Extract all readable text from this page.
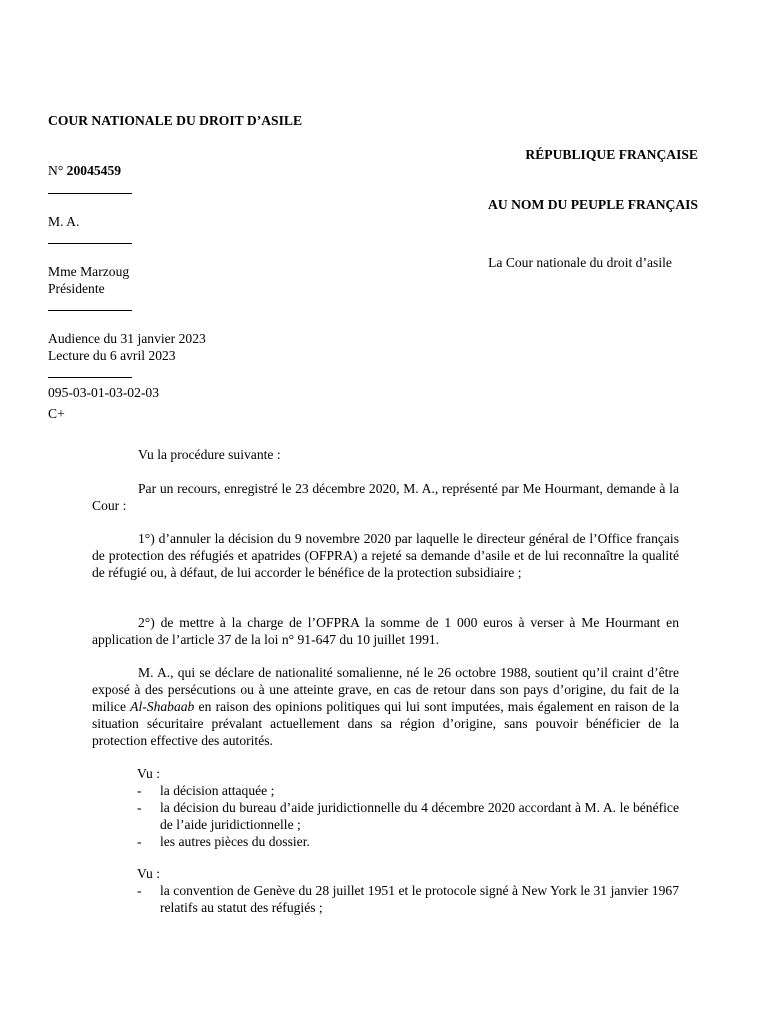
COUR NATIONALE DU DROIT D’ASILE
N° 20045459
M. A.
Mme Marzoug
Présidente
Audience du 31 janvier 2023
Lecture du 6 avril 2023
095-03-01-03-02-03
C+
RÉPUBLIQUE FRANÇAISE
AU NOM DU PEUPLE FRANÇAIS
La Cour nationale du droit d’asile
Vu la procédure suivante :
Par un recours, enregistré le 23 décembre 2020, M. A., représenté par Me Hourmant, demande à la Cour :
1°) d’annuler la décision du 9 novembre 2020 par laquelle le directeur général de l’Office français de protection des réfugiés et apatrides (OFPRA) a rejeté sa demande d’asile et de lui reconnaître la qualité de réfugié ou, à défaut, de lui accorder le bénéfice de la protection subsidiaire ;
2°) de mettre à la charge de l’OFPRA la somme de 1 000 euros à verser à Me Hourmant en application de l’article 37 de la loi n° 91-647 du 10 juillet 1991.
M. A., qui se déclare de nationalité somalienne, né le 26 octobre 1988, soutient qu’il craint d’être exposé à des persécutions ou à une atteinte grave, en cas de retour dans son pays d’origine, du fait de la milice Al-Shabaab en raison des opinions politiques qui lui sont imputées, mais également en raison de la situation sécuritaire prévalant actuellement dans sa région d’origine, sans pouvoir bénéficier de la protection effective des autorités.
Vu :
- la décision attaquée ;
- la décision du bureau d’aide juridictionnelle du 4 décembre 2020 accordant à M. A. le bénéfice de l’aide juridictionnelle ;
- les autres pièces du dossier.
Vu :
- la convention de Genève du 28 juillet 1951 et le protocole signé à New York le 31 janvier 1967 relatifs au statut des réfugiés ;
